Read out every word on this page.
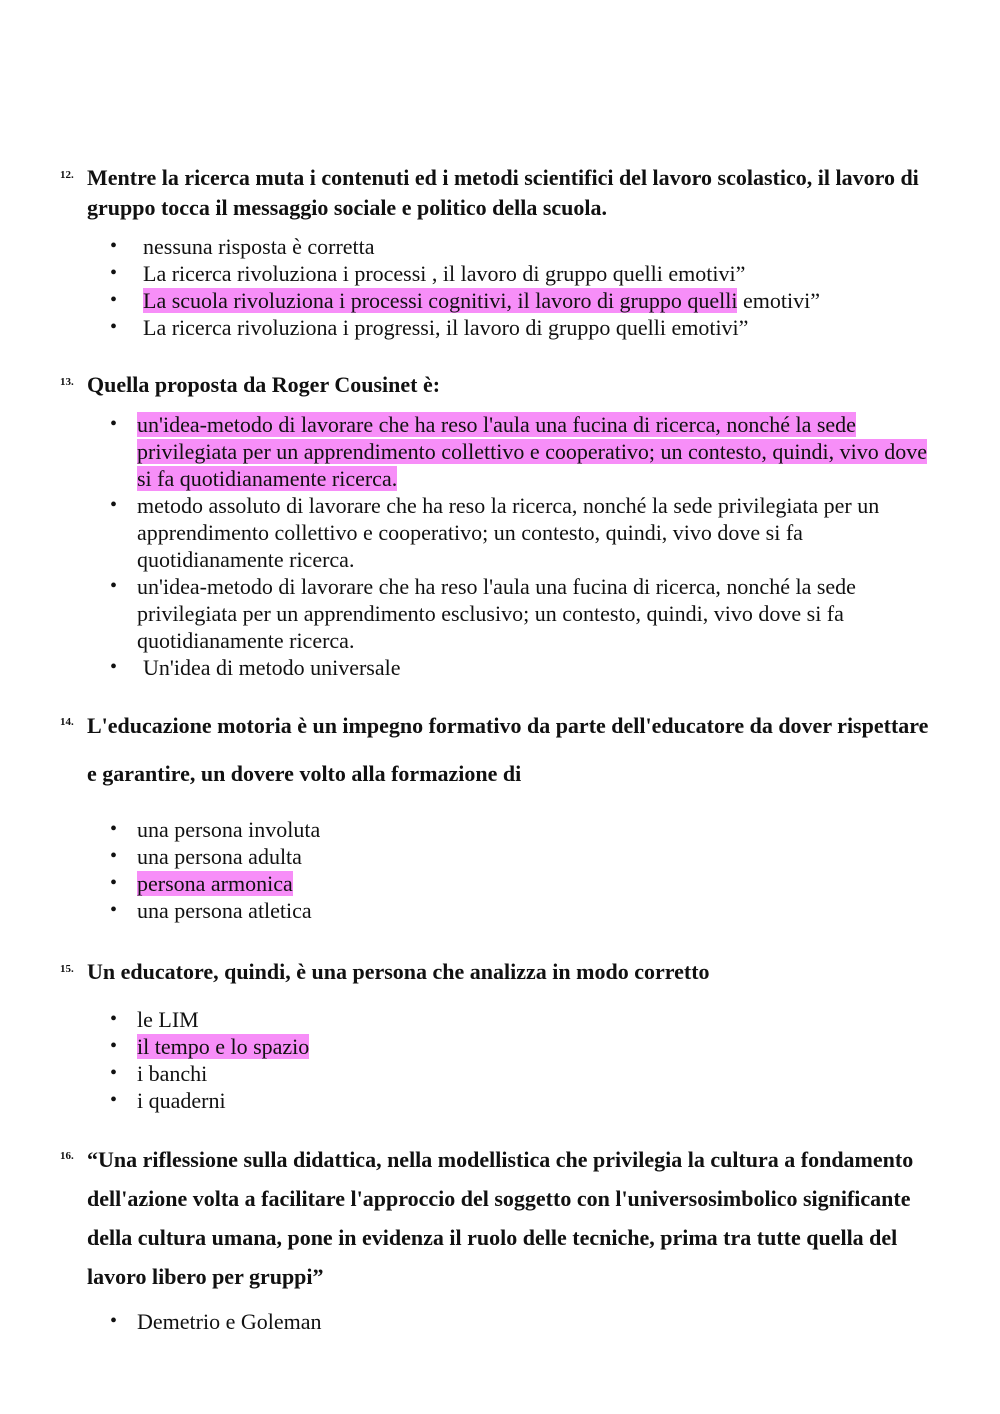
12. Mentre la ricerca muta i contenuti ed i metodi scientifici del lavoro scolastico, il lavoro di gruppo tocca il messaggio sociale e politico della scuola.
• nessuna risposta è corretta
• La ricerca rivoluziona i processi , il lavoro di gruppo quelli emotivi”
• La scuola rivoluziona i processi cognitivi, il lavoro di gruppo quelli emotivi”
• La ricerca rivoluziona i progressi, il lavoro di gruppo quelli emotivi”
13. Quella proposta da Roger Cousinet è:
• un'idea-metodo di lavorare che ha reso l'aula una fucina di ricerca, nonché la sede privilegiata per un apprendimento collettivo e cooperativo; un contesto, quindi, vivo dove si fa quotidianamente ricerca.
• metodo assoluto di lavorare che ha reso la ricerca, nonché la sede privilegiata per un apprendimento collettivo e cooperativo; un contesto, quindi, vivo dove si fa quotidianamente ricerca.
• un'idea-metodo di lavorare che ha reso l'aula una fucina di ricerca, nonché la sede privilegiata per un apprendimento esclusivo; un contesto, quindi, vivo dove si fa quotidianamente ricerca.
• Un'idea di metodo universale
14. L'educazione motoria è un impegno formativo da parte dell'educatore da dover rispettare e garantire, un dovere volto alla formazione di
• una persona involuta
• una persona adulta
• persona armonica
• una persona atletica
15. Un educatore, quindi, è una persona che analizza in modo corretto
• le LIM
• il tempo e lo spazio
• i banchi
• i quaderni
16. “Una riflessione sulla didattica, nella modellistica che privilegia la cultura a fondamento dell'azione volta a facilitare l'approccio del soggetto con l'universosimbolico significante della cultura umana, pone in evidenza il ruolo delle tecniche, prima tra tutte quella del lavoro libero per gruppi”
• Demetrio e Goleman
